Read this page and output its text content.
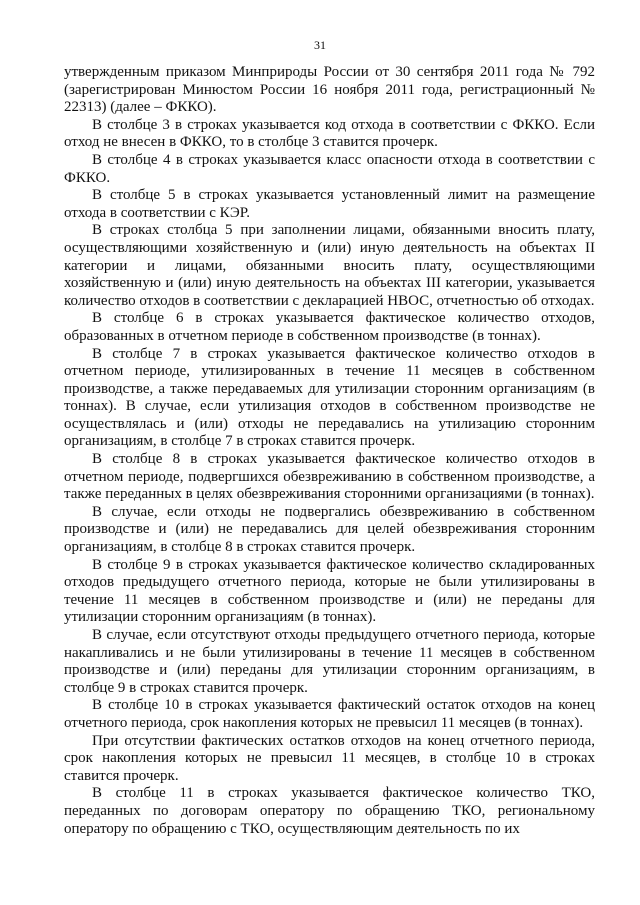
31

утвержденным приказом Минприроды России от 30 сентября 2011 года № 792 (зарегистрирован Минюстом России 16 ноября 2011 года, регистрационный № 22313) (далее – ФККО).

В столбце 3 в строках указывается код отхода в соответствии с ФККО. Если отход не внесен в ФККО, то в столбце 3 ставится прочерк.

В столбце 4 в строках указывается класс опасности отхода в соответствии с ФККО.

В столбце 5 в строках указывается установленный лимит на размещение отхода в соответствии с КЭР.

В строках столбца 5 при заполнении лицами, обязанными вносить плату, осуществляющими хозяйственную и (или) иную деятельность на объектах II категории и лицами, обязанными вносить плату, осуществляющими хозяйственную и (или) иную деятельность на объектах III категории, указывается количество отходов в соответствии с декларацией НВОС, отчетностью об отходах.

В столбце 6 в строках указывается фактическое количество отходов, образованных в отчетном периоде в собственном производстве (в тоннах).

В столбце 7 в строках указывается фактическое количество отходов в отчетном периоде, утилизированных в течение 11 месяцев в собственном производстве, а также передаваемых для утилизации сторонним организациям (в тоннах). В случае, если утилизация отходов в собственном производстве не осуществлялась и (или) отходы не передавались на утилизацию сторонним организациям, в столбце 7 в строках ставится прочерк.

В столбце 8 в строках указывается фактическое количество отходов в отчетном периоде, подвергшихся обезвреживанию в собственном производстве, а также переданных в целях обезвреживания сторонними организациями (в тоннах).

В случае, если отходы не подвергались обезвреживанию в собственном производстве и (или) не передавались для целей обезвреживания сторонним организациям, в столбце 8 в строках ставится прочерк.

В столбце 9 в строках указывается фактическое количество складированных отходов предыдущего отчетного периода, которые не были утилизированы в течение 11 месяцев в собственном производстве и (или) не переданы для утилизации сторонним организациям (в тоннах).

В случае, если отсутствуют отходы предыдущего отчетного периода, которые накапливались и не были утилизированы в течение 11 месяцев в собственном производстве и (или) переданы для утилизации сторонним организациям, в столбце 9 в строках ставится прочерк.

В столбце 10 в строках указывается фактический остаток отходов на конец отчетного периода, срок накопления которых не превысил 11 месяцев (в тоннах).

При отсутствии фактических остатков отходов на конец отчетного периода, срок накопления которых не превысил 11 месяцев, в столбце 10 в строках ставится прочерк.

В столбце 11 в строках указывается фактическое количество ТКО, переданных по договорам оператору по обращению ТКО, региональному оператору по обращению с ТКО, осуществляющим деятельность по их
